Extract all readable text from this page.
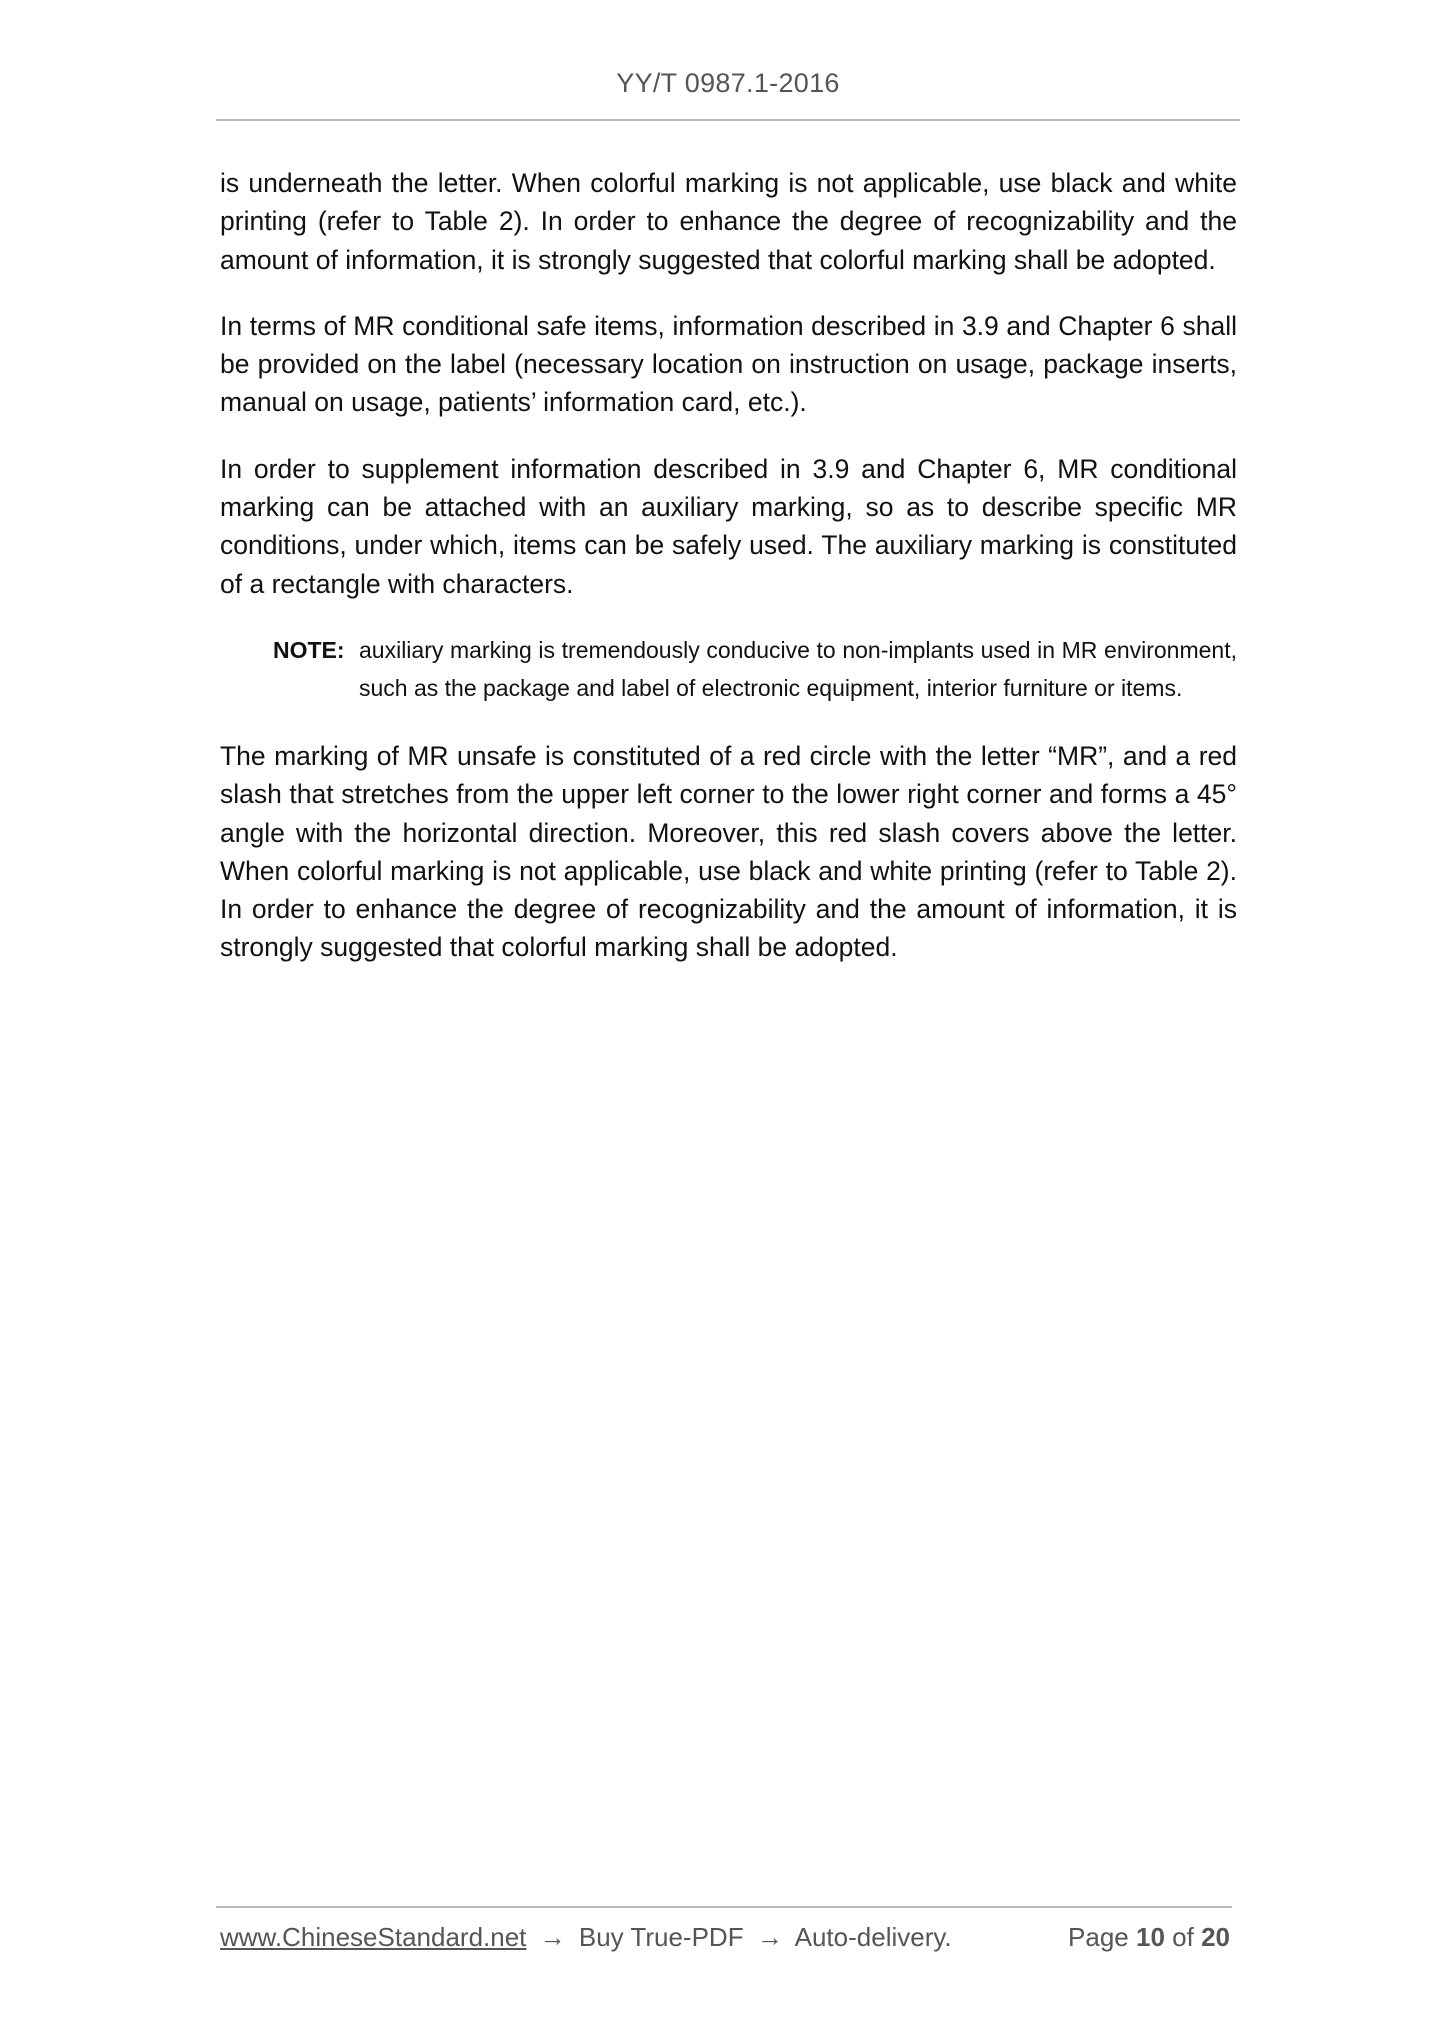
YY/T 0987.1-2016

is underneath the letter. When colorful marking is not applicable, use black and white printing (refer to Table 2). In order to enhance the degree of recognizability and the amount of information, it is strongly suggested that colorful marking shall be adopted.

In terms of MR conditional safe items, information described in 3.9 and Chapter 6 shall be provided on the label (necessary location on instruction on usage, package inserts, manual on usage, patients’ information card, etc.).

In order to supplement information described in 3.9 and Chapter 6, MR conditional marking can be attached with an auxiliary marking, so as to describe specific MR conditions, under which, items can be safely used. The auxiliary marking is constituted of a rectangle with characters.

NOTE: auxiliary marking is tremendously conducive to non-implants used in MR environment, such as the package and label of electronic equipment, interior furniture or items.

The marking of MR unsafe is constituted of a red circle with the letter “MR”, and a red slash that stretches from the upper left corner to the lower right corner and forms a 45° angle with the horizontal direction. Moreover, this red slash covers above the letter. When colorful marking is not applicable, use black and white printing (refer to Table 2). In order to enhance the degree of recognizability and the amount of information, it is strongly suggested that colorful marking shall be adopted.

www.ChineseStandard.net → Buy True-PDF → Auto-delivery.	Page 10 of 20
